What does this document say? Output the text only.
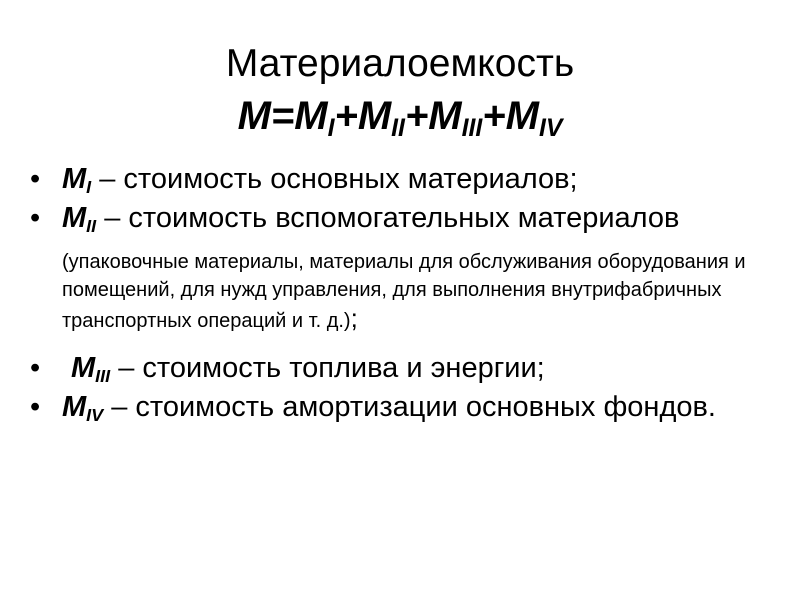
Материалоемкость
$M=M_I+M_{II}+M_{III}+M_{IV}$
• $M_I$ – стоимость основных материалов;
• $M_{II}$ – стоимость вспомогательных материалов
(упаковочные материалы, материалы для обслуживания оборудования и помещений, для нужд управления, для выполнения внутрифабричных транспортных операций и т. д.);
•	$M_{III}$ – стоимость топлива и энергии;
• $M_{IV}$ – стоимость амортизации основных фондов.
